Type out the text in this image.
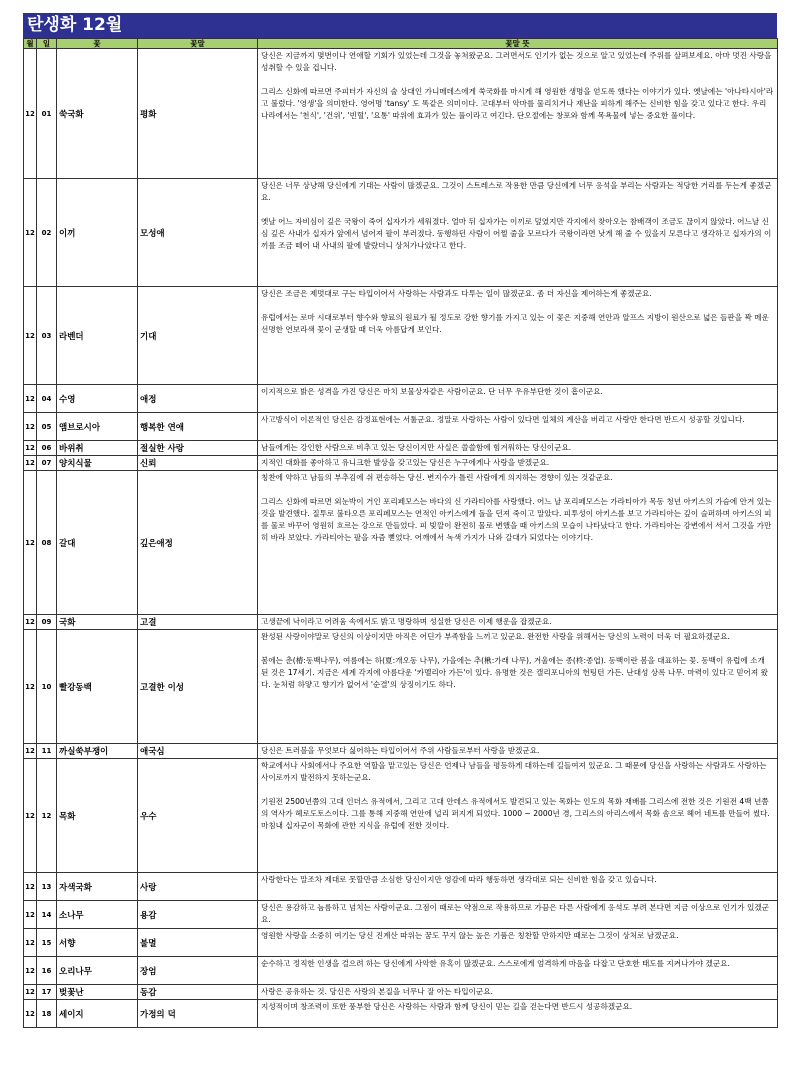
탄생화 12월
월	일	꽃	꽃말	꽃말 뜻
12	01	쑥국화	평화	당신은 지금까지 몇번이나 연애할 기회가 있었는데 그것을 놓쳐왔군요. 그러면서도 인기가 없는 것으로 알고 있었는데 주위를 살펴보세요. 아마 멋진 사랑을 성취할 수 있을 겁니다.

그리스 신화에 따르면 주피터가 자신의 술 상대인 가니메데스에게 쑥국화를 마시게 해 영원한 생명을 얻도록 했다는 이야기가 있다. 옛날에는 '아나타시아'라고 불렀다. '영생'을 의미한다. 영어명 'tansy' 도 똑같은 의미이다. 고대부터 악마를 물리치거나 재난을 피하게 해주는 신비한 힘을 갖고 있다고 한다. 우리 나라에서는 '천식', '건위', '빈혈', '요통' 따위에 효과가 있는 풀이라고 여긴다. 단오절에는 창포와 함께 목욕물에 넣는 중요한 풀이다.

12	02	이끼	모성애	당신은 너무 상냥해 당신에게 기대는 사람이 많겠군요. 그것이 스트레스로 작용한 만큼 당신에게 너무 응석을 부리는 사람과는 적당한 거리를 두는게 좋겠군요.

옛날 어느 자비심이 깊은 국왕이 죽어 십자가가 세워졌다. 얼마 뒤 십자가는 이끼로 덮였지만 각지에서 찾아오는 참배객이 조금도 끊이지 않았다. 어느날 신심 깊은 사내가 십자가 앞에서 넘어져 팔이 부러졌다. 동행하던 사람이 어쩔 줄을 모르다가 국왕이라면 낫게 해 줄 수 있을지 모른다고 생각하고 십자가의 이끼를 조금 떼어 내 사내의 팔에 발랐더니 상처가나았다고 한다.

12	03	라벤더	기대	당신은 조금은 제멋대로 구는 타입이어서 사랑하는 사람과도 다투는 일이 많겠군요. 좀 더 자신을 제어하는게 좋겠군요.

유럽에서는 로마 시대로부터 향수와 향료의 원료가 될 정도로 강한 향기를 가지고 있는 이 꽃은 지중해 연안과 알프스 지방이 원산으로 넓은 들판을 꽉 메운 선명한 연보라색 꽃이 군생할 때 더욱 아름답게 보인다.

12	04	수영	애정	이지적으로 밝은 성격을 가진 당신은 마치 보물상자같은 사람이군요. 단 너무 우유부단한 것이 흠이군요.

12	05	앰브로시아	행복한 연애	사고방식이 이론적인 당신은 감정표현에는 서툴군요. 정말로 사랑하는 사람이 있다면 일체의 계산을 버리고 사랑만 한다면 반드시 성공할 것입니다.

12	06	바위취	절실한 사랑	남들에게는 강인한 사람으로 비추고 있는 당신이지만 사실은 쓸쓸함에 힘겨워하는 당신이군요.

12	07	양치식물	신뢰	지적인 대화를 좋아하고 유니크한 발상을 갖고있는 당신은 누구에게나 사랑을 받겠군요.

12	08	갈대	깊은애정	칭찬에 약하고 남들의 부추김에 쉬 편승하는 당신. 변지수가 틀린 사람에게 의지하는 경향이 있는 것같군요.

그리스 신화에 따르면 외눈박이 거인 포리페모스는 바다의 신 가라티아를 사랑했다. 어느 날 포리페모스는 가라티아가 목동 청년 아키스의 가슴에 안겨 있는 것을 발견했다. 질투로 불타오른 포리페모스는 연적인 아키스에게 돌을 던져 죽이고 말았다. 피투성이 아키스를 보고 가라티아는 깊이 슬퍼하며 아키스의 피를 물로 바꾸어 영원히 흐르는 강으로 만들었다. 피 빛깔이 완전히 물로 변했을 때 아키스의 모습이 나타났다고 한다. 가라티아는 강변에서 서서 그것을 가만히 바라 보았다. 가라티아는 팔을 자즘 뻗었다. 어깨에서 녹색 가지가 나와 갈대가 되었다는 이야기다.

12	09	국화	고결	고생끝에 낙이라고 어려움 속에서도 밝고 명랑하며 성실한 당신은 이제 행운을 잡겠군요.

12	10	빨강동백	고결한 이성	완성된 사랑이야말로 당신의 이상이지만 아직은 어딘가 부족함을 느끼고 있군요. 완전한 사랑을 위해서는 당신의 노력이 더욱 더 필요하겠군요.

봄에는 춘(椿:동백나무), 여름에는 하(夏:개오동 나무), 가을에는 추(楸:가래 나무), 겨울에는 종(柊:종엽). 동백이란 봄을 대표하는 꽃. 동백이 유럽에 소개 된 것은 17세기. 지금은 세계 각지에 아름다운 '카멜리아 가든'이 있다. 유명한 것은 캘리포니아의 헌팅턴 가든. 난대성 상록 나무. 마력이 있다고 믿어져 왔다. 눈처럼 하얗고 향기가 없어서 '순결'의 상징이기도 하다.

12	11	까실쑥부쟁이	애국심	당신은 트러블을 무엇보다 싫어하는 타입이어서 주위 사람들로부터 사랑을 받겠군요.

12	12	목화	우수	학교에서나 사회에서나 주요한 역할을 맡고있는 당신은 언제나 남들을 평등하게 대하는데 길들여져 있군요. 그 때문에 당신을 사랑하는 사람과도 사랑하는 사이로까지 발전하지 못하는군요.

기원전 2500년쯤의 고대 인더스 유적에서, 그리고 고대 안데스 유적에서도 발견되고 있는 목화는 인도의 목화 재배를 그리스에 전한 것은 기원전 4백 년쯤의 역사가 헤로도토스이다. 그를 통해 지중해 연안에 널리 퍼지게 되었다. 1000 ~ 2000년 경, 그리스의 아리스에서 목화 솜으로 헤어 네트를 만들어 썼다. 마침내 십자군이 목화에 관한 지식을 유럽에 전한 것이다.

12	13	자색국화	사랑	사랑한다는 말조차 제대로 못할만큼 소심한 당신이지만 영감에 따라 행동하면 생각대로 되는 신비한 힘을 갖고 있습니다.

12	14	소나무	용감	당신은 용감하고 늠름하고 넘치는 사람이군요. 그점이 때로는 약점으로 작용하므로 가끔은 다른 사람에게 응석도 부려 본다면 지금 이상으로 인기가 있겠군요.

12	15	서향	불멸	영원한 사랑을 소중히 여기는 당신 진계산 따위는 꿈도 꾸지 않는 높은 기품은 칭찬할 만하지만 때로는 그것이 상처로 남겠군요.

12	16	오리나무	장엄	순수하고 정직한 인생을 걸으려 하는 당신에게 사악한 유혹이 많겠군요. 스스로에게 엄격하게 마음을 다잡고 단호한 태도를 지켜나가야 겠군요.

12	17	벚꽃난	동감	사랑은 공유하는 것. 당신은 사랑의 본질을 너무나 잘 아는 타입이군요.

12	18	세이지	가정의 덕	지성적이며 창조력이 또한 풍부한 당신은 사랑하는 사람과 함께 당신이 믿는 길을 걷는다면 반드시 성공하겠군요.
